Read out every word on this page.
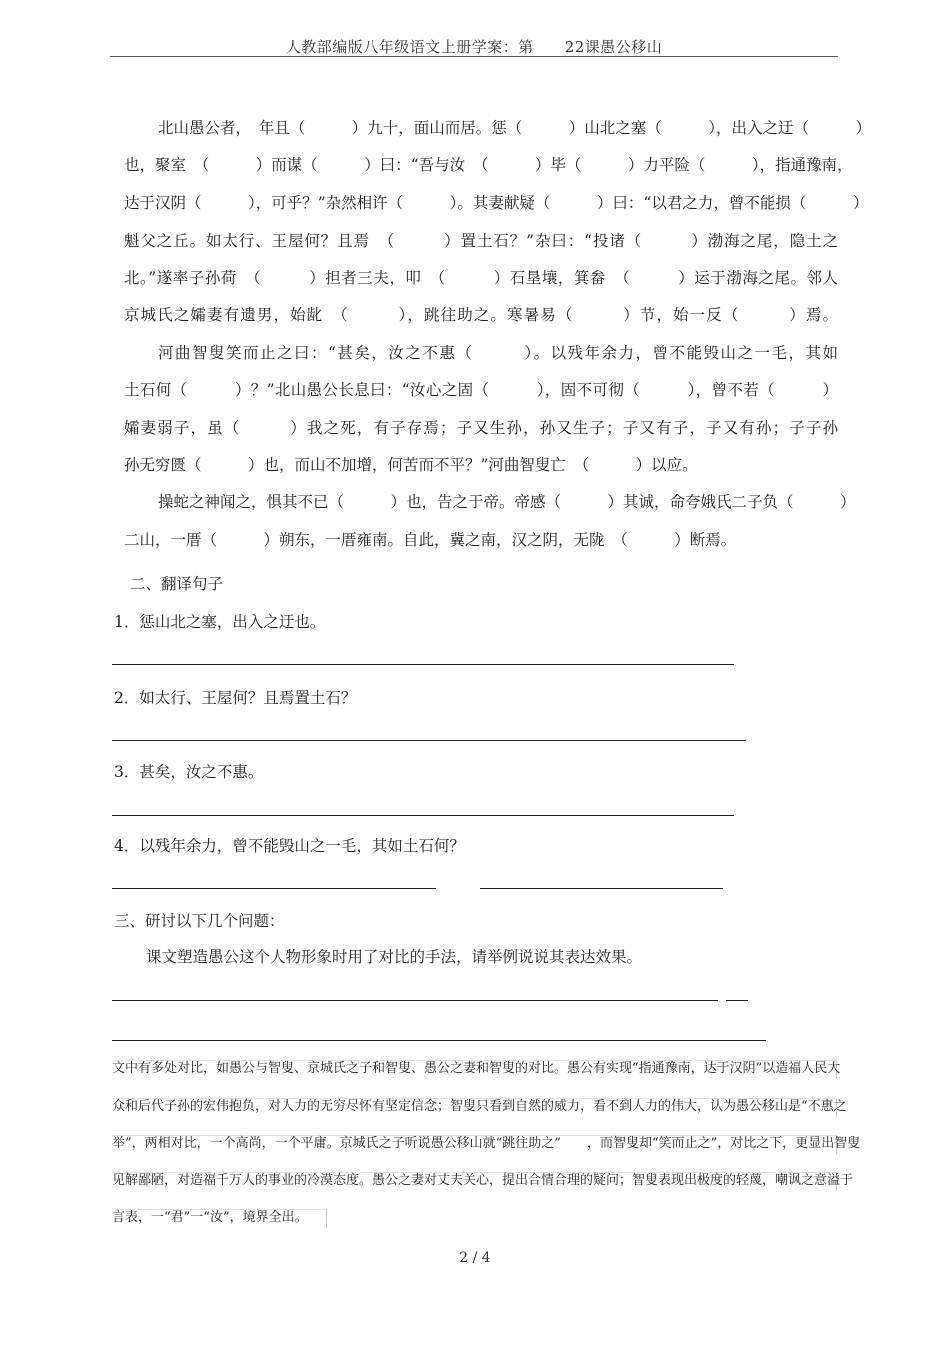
人教部编版八年级语文上册学案：第　　22课愚公移山
北山愚公者，　年且（　　　）九十，面山而居。惩（　　　）山北之塞（　　　），出入之迂（　　　）
也，聚室　（　　　）而谋（　　　）曰：“吾与汝　（　　　）毕（　　　）力平险（　　　），指通豫南，
达于汉阴（　　　），可乎？”杂然相许（　　　）。其妻献疑（　　　）曰：“以君之力，曾不能损（　　　）
魁父之丘。如太行、王屋何？且焉　（　　　）置土石？”杂曰：“投诸（　　　）渤海之尾，隐土之
北。”遂率子孙荷　（　　　）担者三夫，叩　（　　　）石垦壤，箕畚　（　　　）运于渤海之尾。邻人
京城氏之孀妻有遗男，始龀　（　　　），跳往助之。寒暑易（　　　）节，始一反（　　　）焉。
河曲智叟笑而止之曰：“甚矣，汝之不惠（　　　）。以残年余力，曾不能毁山之一毛，其如
土石何（　　　）？”北山愚公长息曰：“汝心之固（　　　），固不可彻（　　　），曾不若（　　　）
孀妻弱子，虽（　　　）我之死，有子存焉；子又生孙，孙又生子；子又有子，子又有孙；子子孙
孙无穷匮（　　　）也，而山不加增，何苦而不平？”河曲智叟亡　（　　　）以应。
操蛇之神闻之，惧其不已（　　　）也，告之于帝。帝感（　　　）其诚，命夸娥氏二子负（　　　）
二山，一厝（　　　）朔东，一厝雍南。自此，冀之南，汉之阴，无陇　（　　　）断焉。
二、翻译句子
1．惩山北之塞，出入之迂也。
2．如太行、王屋何？且焉置土石？
3．甚矣，汝之不惠。
4．以残年余力，曾不能毁山之一毛，其如土石何？
三、研讨以下几个问题：
课文塑造愚公这个人物形象时用了对比的手法，请举例说说其表达效果。
文中有多处对比，如愚公与智叟、京城氏之子和智叟、愚公之妻和智叟的对比。愚公有实现“指通豫南，达于汉阴”以造福人民大
众和后代子孙的宏伟抱负，对人力的无穷尽怀有坚定信念；智叟只看到自然的威力，看不到人力的伟大，认为愚公移山是“不惠之
举”，两相对比，一个高尚，一个平庸。京城氏之子听说愚公移山就“跳往助之”　　，而智叟却“笑而止之”，对比之下，更显出智叟
见解鄙陋，对造福千万人的事业的冷漠态度。愚公之妻对丈夫关心，提出合情合理的疑问；智叟表现出极度的轻蔑，嘲讽之意溢于
言表，一“君”一“汝”，境界全出。
2 / 4
